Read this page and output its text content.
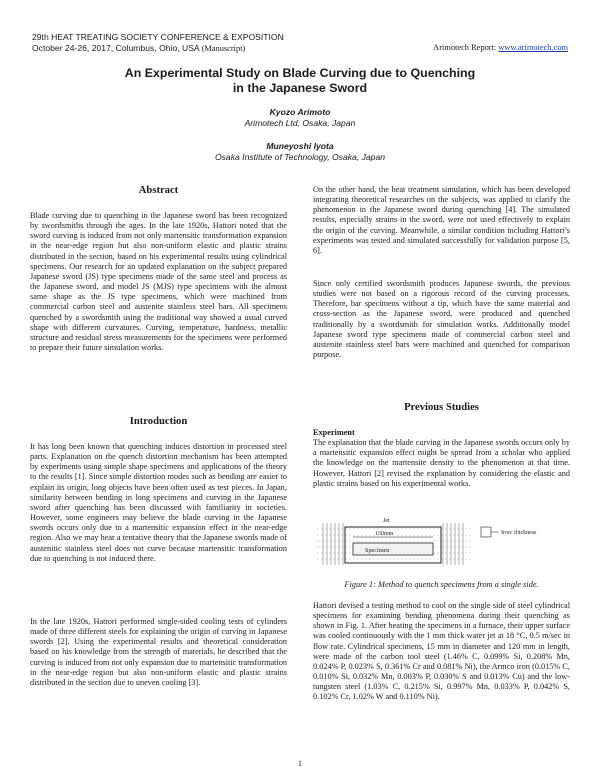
29th HEAT TREATING SOCIETY CONFERENCE & EXPOSITION
October 24-26, 2017, Columbus, Ohio, USA (Manuscript)	Arimotech Report: www.arimotech.com
An Experimental Study on Blade Curving due to Quenching
in the Japanese Sword
Kyozo Arimoto
Arimotech Ltd, Osaka, Japan
Muneyoshi Iyota
Osaka Institute of Technology, Osaka, Japan
Abstract

Blade curving due to quenching in the Japanese sword has been recognized by swordsmiths through the ages. In the late 1920s, Hattori noted that the sword curving is induced from not only martensitic transformation expansion in the near-edge region but also non-uniform elastic and plastic strains distributed in the section, based on his experimental results using cylindrical specimens. Our research for an updated explanation on the subject prepared Japanese sword (JS) type specimens made of the same steel and process as the Japanese sword, and model JS (MJS) type specimens with the almost same shape as the JS type specimens, which were machined from commercial carbon steel and austenite stainless steel bars. All specimens quenched by a swordsmith using the traditional way showed a usual curved shape with different curvatures. Curving, temperature, hardness, metallic structure and residual stress measurements for the specimens were performed to prepare their future simulation works.

Introduction

It has long been known that quenching induces distortion in processed steel parts. Explanation on the quench distortion mechanism has been attempted by experiments using simple shape specimens and applications of the theory to the results [1]. Since simple distortion modes such as bending are easier to explain its origin, long objects have been often used as test pieces. In Japan, similarity between bending in long specimens and curving in the Japanese sword after quenching has been discussed with familiarity in societies. However, some engineers may believe the blade curving in the Japanese swords occurs only due to a martensitic expansion effect in the near-edge region. Also we may hear a tentative theory that the Japanese swords made of austenitic stainless steel does not curve because martensitic transformation due to quenching is not induced there.

In the late 1920s, Hattori performed single-sided cooling tests of cylinders made of three different steels for explaining the origin of curving in Japanese swords [2]. Using the experimental results and theoretical consideration based on his knowledge from the strength of materials, he described that the curving is induced from not only expansion due to martensitic transformation in the near-edge region but also non-uniform elastic and plastic strains distributed in the section due to uneven cooling [3].

On the other hand, the heat treatment simulation, which has been developed integrating theoretical researches on the subjects, was applied to clarify the phenomenon in the Japanese sword during quenching [4]. The simulated results, especially strains in the sword, were not used effectively to explain the origin of the curving. Meanwhile, a similar condition including Hattori’s experiments was tested and simulated successfully for validation purpose [5, 6].

Since only certified swordsmith produces Japanese swords, the previous studies were not based on a rigorous record of the curving processes. Therefore, bar specimens without a tip, which have the same material and cross-section as the Japanese sword, were produced and quenched traditionally by a swordsmith for simulation works. Additionally model Japanese sword type specimens made of commercial carbon steel and austenite stainless steel bars were machined and quenched for comparison purpose.

Previous Studies
Experiment

The explanation that the blade curving in the Japanese swords occurs only by a martensitic expansion effect might be spread from a scholar who applied the knowledge on the martensite density to the phenomenon at that time. However, Hattori [2] revised the explanation by considering the elastic and plastic strains based on his experimental works.

150mm
Specimen
Jet
Iron: thickness
Figure 1: Method to quench specimens from a single side.

Hattori devised a testing method to cool on the single side of steel cylindrical specimens for examining bending phenomena during their quenching as shown in Fig. 1. After heating the specimens in a furnace, their upper surface was cooled continuously with the 1 mm thick water jet at 18 °C, 0.5 m/sec in flow rate. Cylindrical specimens, 15 mm in diameter and 120 mm in length, were made of the carbon tool steel (1.46% C, 0.099% Si, 0.208% Mn, 0.024% P, 0.023% S, 0.361% Cr and 0.081% Ni), the Armco iron (0.015% C, 0.010% Si, 0.032% Mn, 0.003% P, 0.030% S and 0.013% Cu) and the low-tungsten steel (1.03% C, 0.215% Si, 0.997% Mn, 0.033% P, 0.042% S, 0.102% Cr, 1.02% W and 0.110% Ni).

1
